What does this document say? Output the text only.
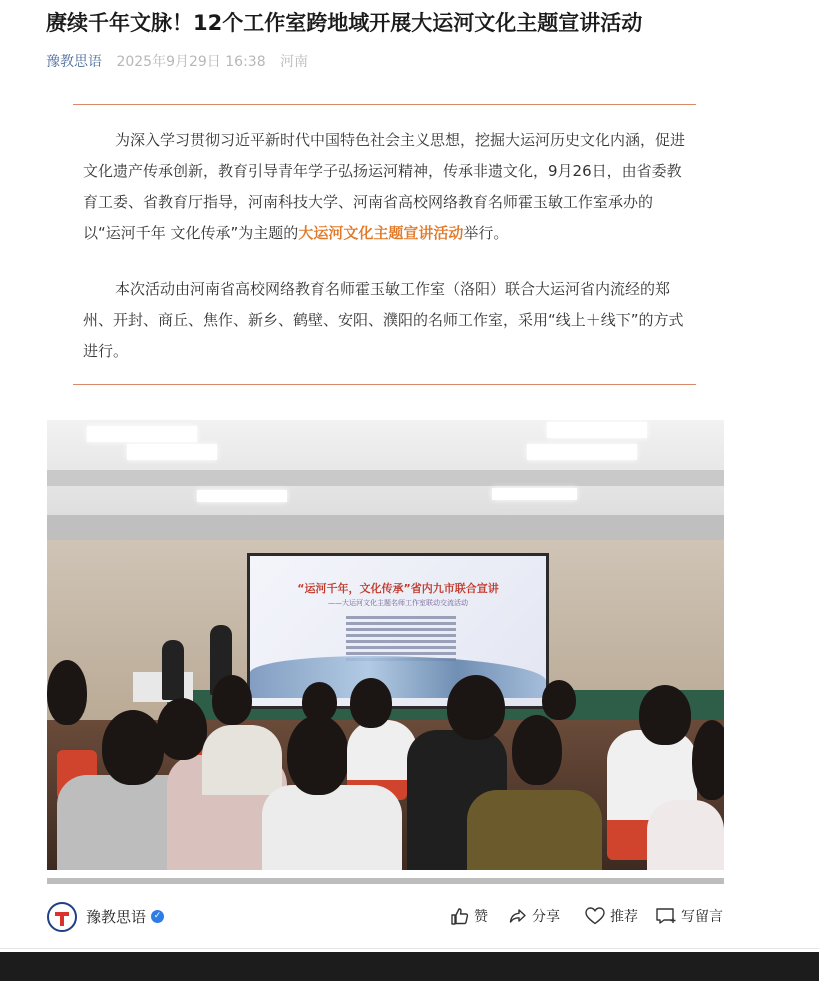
赓续千年文脉！12个工作室跨地域开展大运河文化主题宣讲活动
豫教思语 2025年9月29日 16:38 河南
为深入学习贯彻习近平新时代中国特色社会主义思想，挖掘大运河历史文化内涵，促进文化遗产传承创新，教育引导青年学子弘扬运河精神，传承非遗文化，9月26日，由省委教育工委、省教育厅指导，河南科技大学、河南省高校网络教育名师霍玉敏工作室承办的以“运河千年 文化传承”为主题的大运河文化主题宣讲活动举行。
本次活动由河南省高校网络教育名师霍玉敏工作室（洛阳）联合大运河省内流经的郑州、开封、商丘、焦作、新乡、鹤壁、安阳、濮阳的名师工作室，采用“线上＋线下”的方式进行。
“运河千年，文化传承”省内九市联合宣讲
——大运河文化主题名师工作室联动交流活动
豫教思语 ✓	赞	分享	推荐	写留言
